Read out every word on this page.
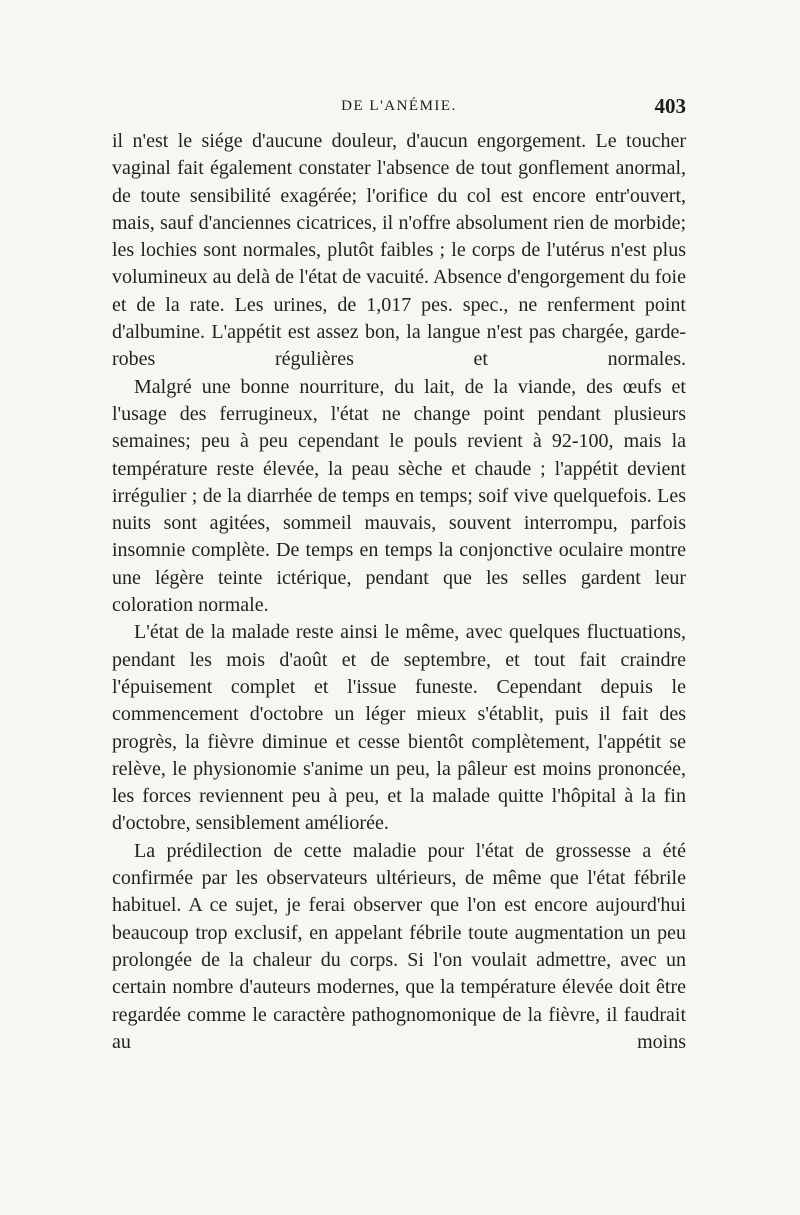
DE L'ANÉMIE.	403

il n'est le siége d'aucune douleur, d'aucun engorgement. Le toucher vaginal fait également constater l'absence de tout gonflement anormal, de toute sensibilité exagérée; l'orifice du col est encore entr'ouvert, mais, sauf d'anciennes cicatrices, il n'offre absolument rien de morbide; les lochies sont normales, plutôt faibles ; le corps de l'utérus n'est plus volumineux au delà de l'état de vacuité. Absence d'engorgement du foie et de la rate. Les urines, de 1,017 pes. spec., ne renferment point d'albumine. L'appétit est assez bon, la langue n'est pas chargée, garde-robes régulières et normales.

Malgré une bonne nourriture, du lait, de la viande, des œufs et l'usage des ferrugineux, l'état ne change point pendant plusieurs semaines; peu à peu cependant le pouls revient à 92-100, mais la température reste élevée, la peau sèche et chaude ; l'appétit devient irrégulier ; de la diarrhée de temps en temps; soif vive quelquefois. Les nuits sont agitées, sommeil mauvais, souvent interrompu, parfois insomnie complète. De temps en temps la conjonctive oculaire montre une légère teinte ictérique, pendant que les selles gardent leur coloration normale.

L'état de la malade reste ainsi le même, avec quelques fluctuations, pendant les mois d'août et de septembre, et tout fait craindre l'épuisement complet et l'issue funeste. Cependant depuis le commencement d'octobre un léger mieux s'établit, puis il fait des progrès, la fièvre diminue et cesse bientôt complètement, l'appétit se relève, le physionomie s'anime un peu, la pâleur est moins prononcée, les forces reviennent peu à peu, et la malade quitte l'hôpital à la fin d'octobre, sensiblement améliorée.

La prédilection de cette maladie pour l'état de grossesse a été confirmée par les observateurs ultérieurs, de même que l'état fébrile habituel. A ce sujet, je ferai observer que l'on est encore aujourd'hui beaucoup trop exclusif, en appelant fébrile toute augmentation un peu prolongée de la chaleur du corps. Si l'on voulait admettre, avec un certain nombre d'auteurs modernes, que la température élevée doit être regardée comme le caractère pathognomonique de la fièvre, il faudrait au moins
